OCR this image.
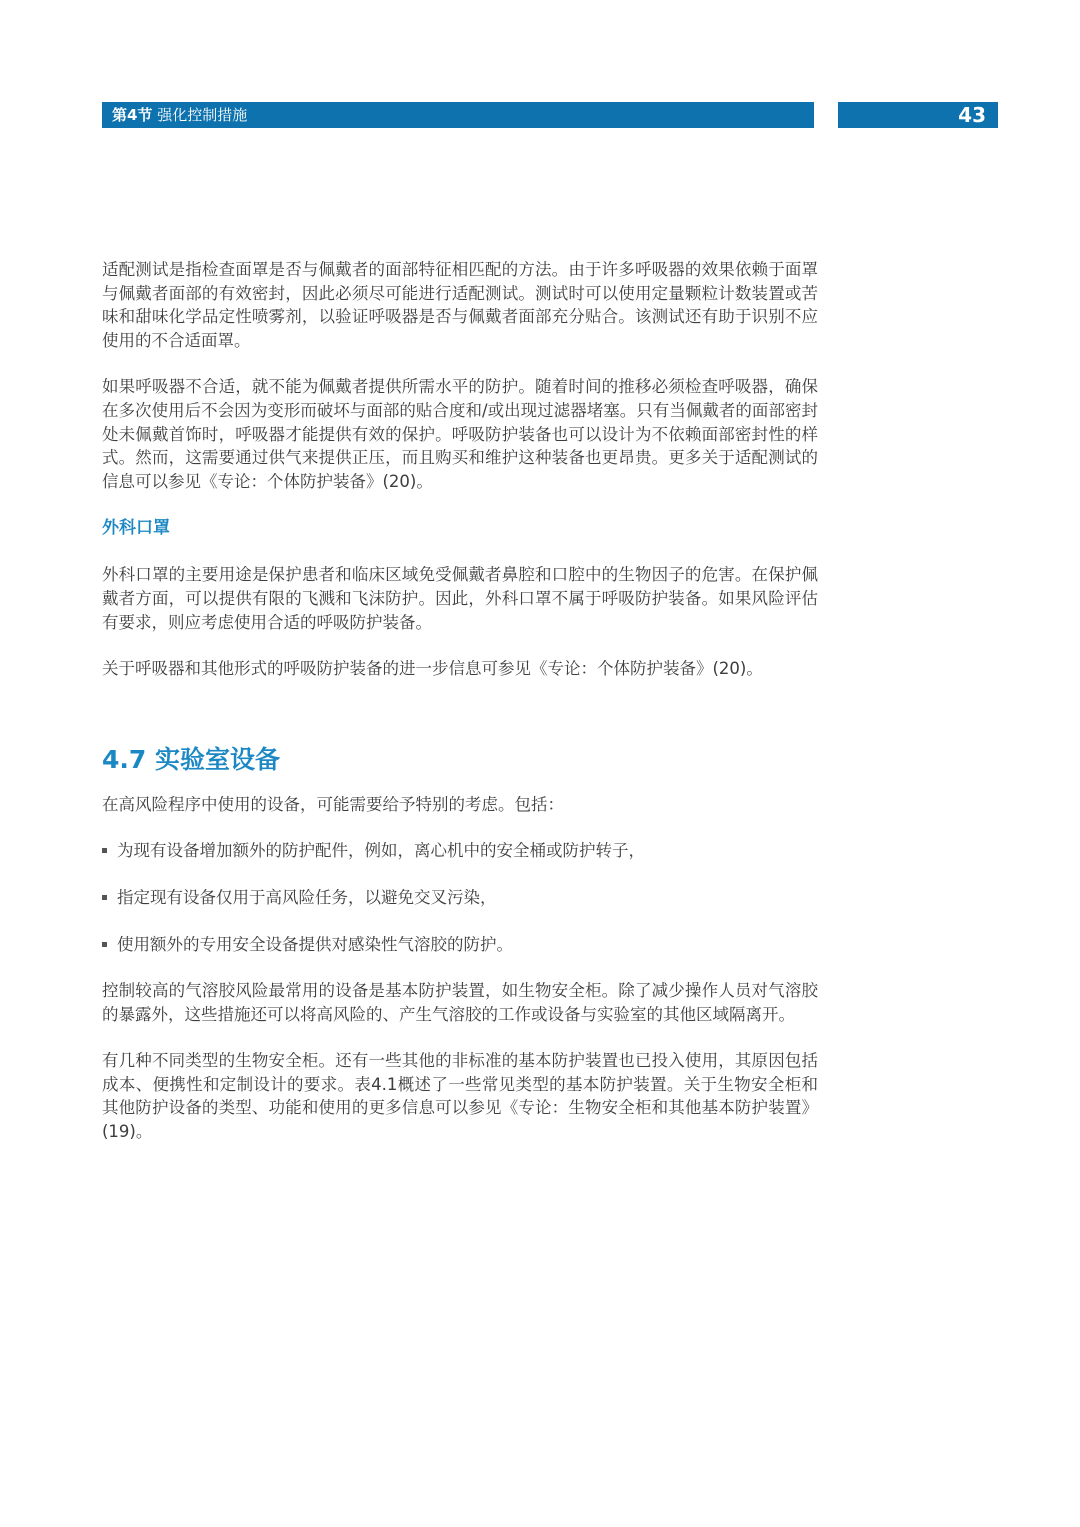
第4节 强化控制措施	43

适配测试是指检查面罩是否与佩戴者的面部特征相匹配的方法。由于许多呼吸器的效果依赖于面罩与佩戴者面部的有效密封，因此必须尽可能进行适配测试。测试时可以使用定量颗粒计数装置或苦味和甜味化学品定性喷雾剂，以验证呼吸器是否与佩戴者面部充分贴合。该测试还有助于识别不应使用的不合适面罩。

如果呼吸器不合适，就不能为佩戴者提供所需水平的防护。随着时间的推移必须检查呼吸器，确保在多次使用后不会因为变形而破坏与面部的贴合度和/或出现过滤器堵塞。只有当佩戴者的面部密封处未佩戴首饰时，呼吸器才能提供有效的保护。呼吸防护装备也可以设计为不依赖面部密封性的样式。然而，这需要通过供气来提供正压，而且购买和维护这种装备也更昂贵。更多关于适配测试的信息可以参见《专论：个体防护装备》(20)。

外科口罩

外科口罩的主要用途是保护患者和临床区域免受佩戴者鼻腔和口腔中的生物因子的危害。在保护佩戴者方面，可以提供有限的飞溅和飞沫防护。因此，外科口罩不属于呼吸防护装备。如果风险评估有要求，则应考虑使用合适的呼吸防护装备。

关于呼吸器和其他形式的呼吸防护装备的进一步信息可参见《专论：个体防护装备》(20)。

4.7 实验室设备

在高风险程序中使用的设备，可能需要给予特别的考虑。包括：

为现有设备增加额外的防护配件，例如，离心机中的安全桶或防护转子，
指定现有设备仅用于高风险任务，以避免交叉污染，
使用额外的专用安全设备提供对感染性气溶胶的防护。

控制较高的气溶胶风险最常用的设备是基本防护装置，如生物安全柜。除了减少操作人员对气溶胶的暴露外，这些措施还可以将高风险的、产生气溶胶的工作或设备与实验室的其他区域隔离开。

有几种不同类型的生物安全柜。还有一些其他的非标准的基本防护装置也已投入使用，其原因包括成本、便携性和定制设计的要求。表4.1概述了一些常见类型的基本防护装置。关于生物安全柜和其他防护设备的类型、功能和使用的更多信息可以参见《专论：生物安全柜和其他基本防护装置》(19)。
